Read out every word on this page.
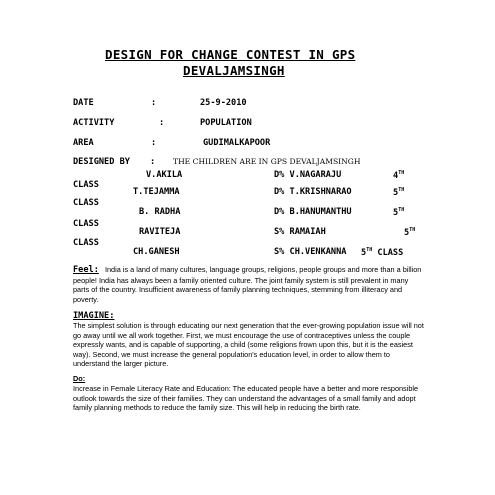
DESIGN FOR CHANGE CONTEST IN GPS
DEVALJAMSINGH
DATE	:	25-9-2010
ACTIVITY	:	POPULATION
AREA	:	GUDIMALKAPOOR
DESIGNED BY : THE CHILDREN ARE IN GPS DEVALJAMSINGH
V.AKILA	D% V.NAGARAJU	4TH
CLASS
T.TEJAMMA	D% T.KRISHNARAO	5TH
CLASS
B. RADHA	D% B.HANUMANTHU	5TH
CLASS
RAVITEJA	S% RAMAIAH	5TH
CLASS
CH.GANESH	S% CH.VENKANNA 5TH CLASS
Feel: India is a land of many cultures, language groups, religions, people groups and more than a billion people! India has always been a family oriented culture. The joint family system is still prevalent in many parts of the country. Insufficient awareness of family planning techniques, stemming from illiteracy and poverty.
IMAGINE:
The simplest solution is through educating our next generation that the ever-growing population issue will not go away until we all work together. First, we must encourage the use of contraceptives unless the couple expressly wants, and is capable of supporting, a child (some religions frown upon this, but it is the easiest way). Second, we must increase the general population's education level, in order to allow them to understand the larger picture.
Do:
Increase in Female Literacy Rate and Education: The educated people have a better and more responsible outlook towards the size of their families. They can understand the advantages of a small family and adopt family planning methods to reduce the family size. This will help in reducing the birth rate.
